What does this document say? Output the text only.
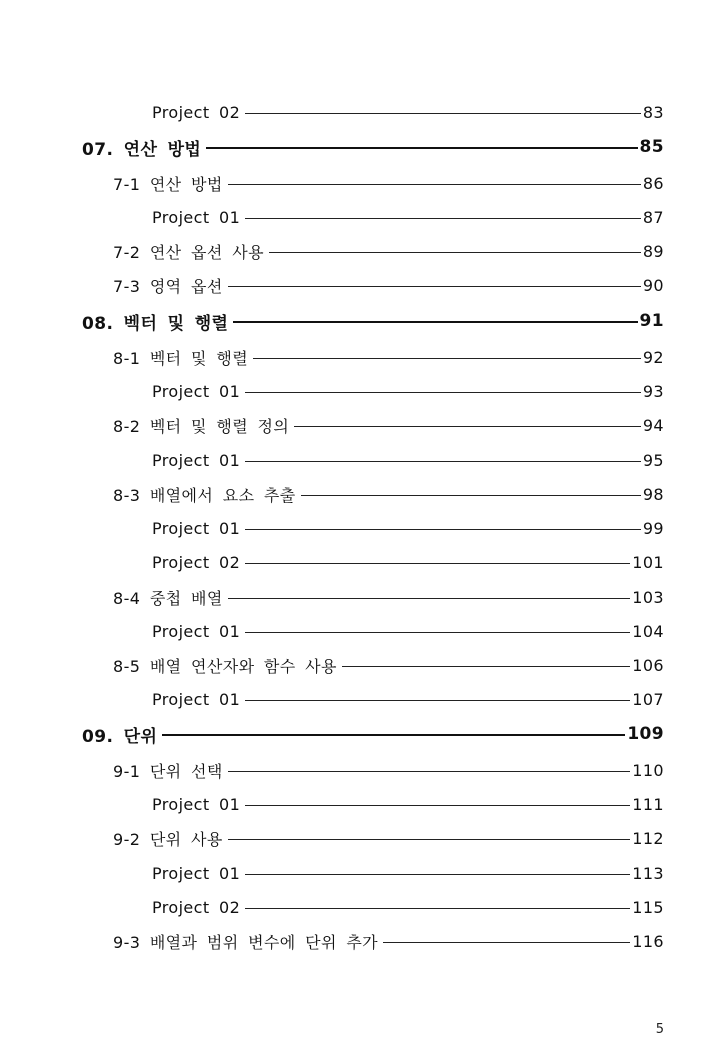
Project 02	83
07. 연산 방법	85
7-1 연산 방법	86
Project 01	87
7-2 연산 옵션 사용	89
7-3 영역 옵션	90
08. 벡터 및 행렬	91
8-1 벡터 및 행렬	92
Project 01	93
8-2 벡터 및 행렬 정의	94
Project 01	95
8-3 배열에서 요소 추출	98
Project 01	99
Project 02	101
8-4 중첩 배열	103
Project 01	104
8-5 배열 연산자와 함수 사용	106
Project 01	107
09. 단위	109
9-1 단위 선택	110
Project 01	111
9-2 단위 사용	112
Project 01	113
Project 02	115
9-3 배열과 범위 변수에 단위 추가	116
5
